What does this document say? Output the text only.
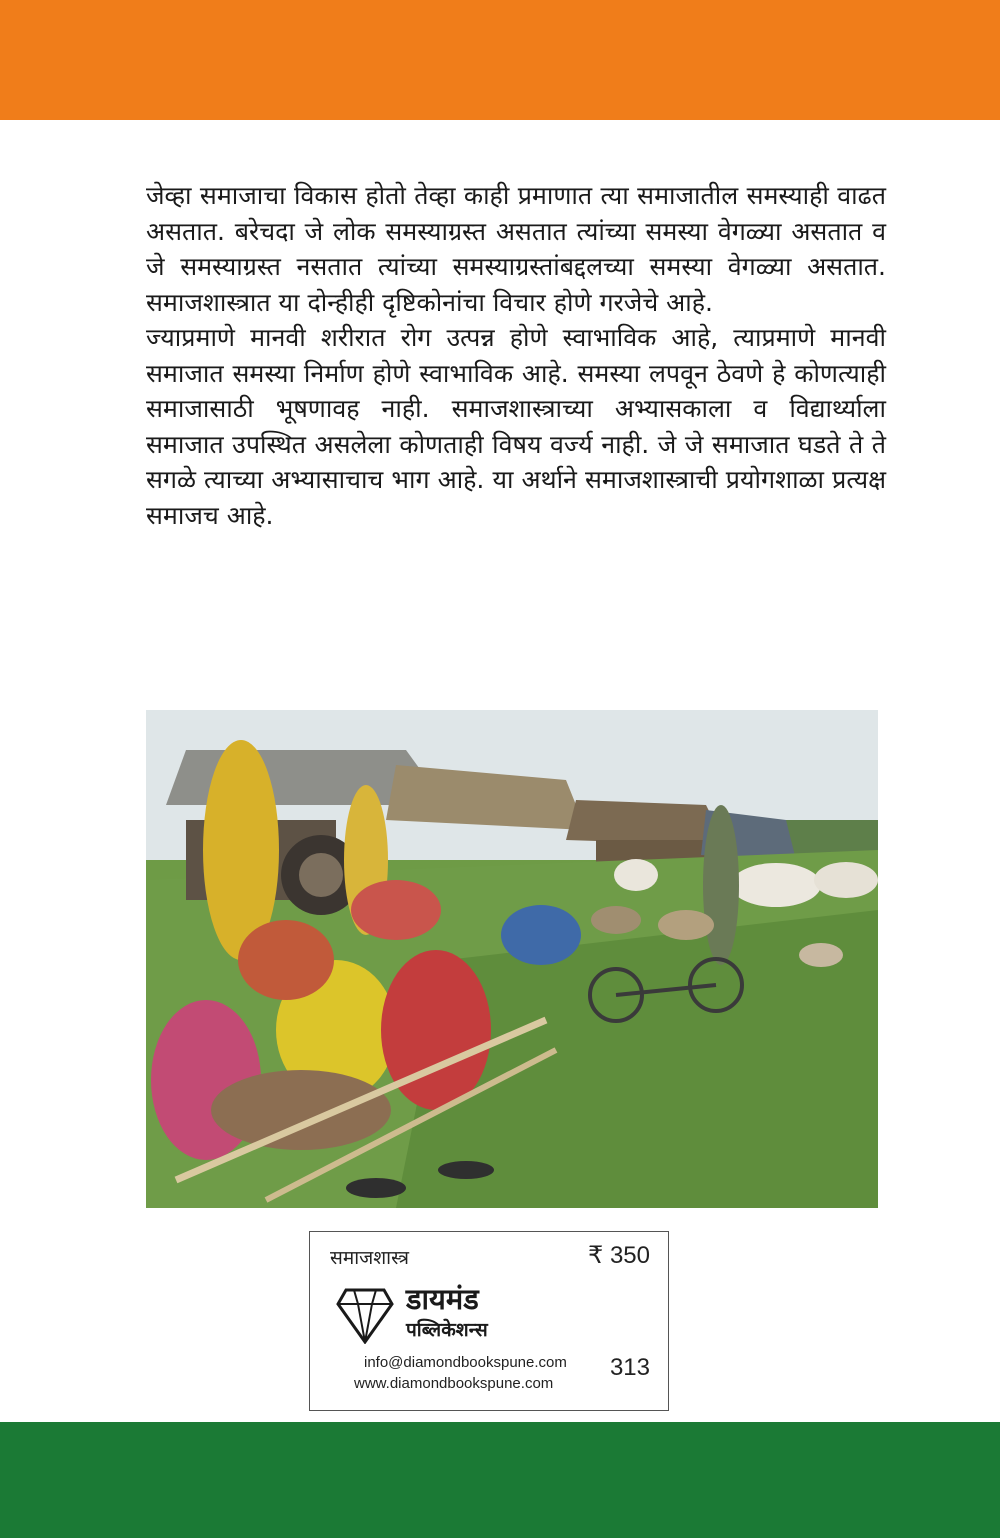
जेव्हा समाजाचा विकास होतो तेव्हा काही प्रमाणात त्या समाजातील समस्याही वाढत असतात. बरेचदा जे लोक समस्याग्रस्त असतात त्यांच्या समस्या वेगळ्या असतात व जे समस्याग्रस्त नसतात त्यांच्या समस्याग्रस्तांबद्दलच्या समस्या वेगळ्या असतात. समाजशास्त्रात या दोन्हीही दृष्टिकोनांचा विचार होणे गरजेचे आहे.

ज्याप्रमाणे मानवी शरीरात रोग उत्पन्न होणे स्वाभाविक आहे, त्याप्रमाणे मानवी समाजात समस्या निर्माण होणे स्वाभाविक आहे. समस्या लपवून ठेवणे हे कोणत्याही समाजासाठी भूषणावह नाही. समाजशास्त्राच्या अभ्यासकाला व विद्यार्थ्याला समाजात उपस्थित असलेला कोणताही विषय वर्ज्य नाही. जे जे समाजात घडते ते ते सगळे त्याच्या अभ्यासाचाच भाग आहे. या अर्थाने समाजशास्त्राची प्रयोगशाळा प्रत्यक्ष समाजच आहे.

समाजशास्त्र	₹ 350
डायमंड
पब्लिकेशन्स
info@diamondbookspune.com
www.diamondbookspune.com
313
